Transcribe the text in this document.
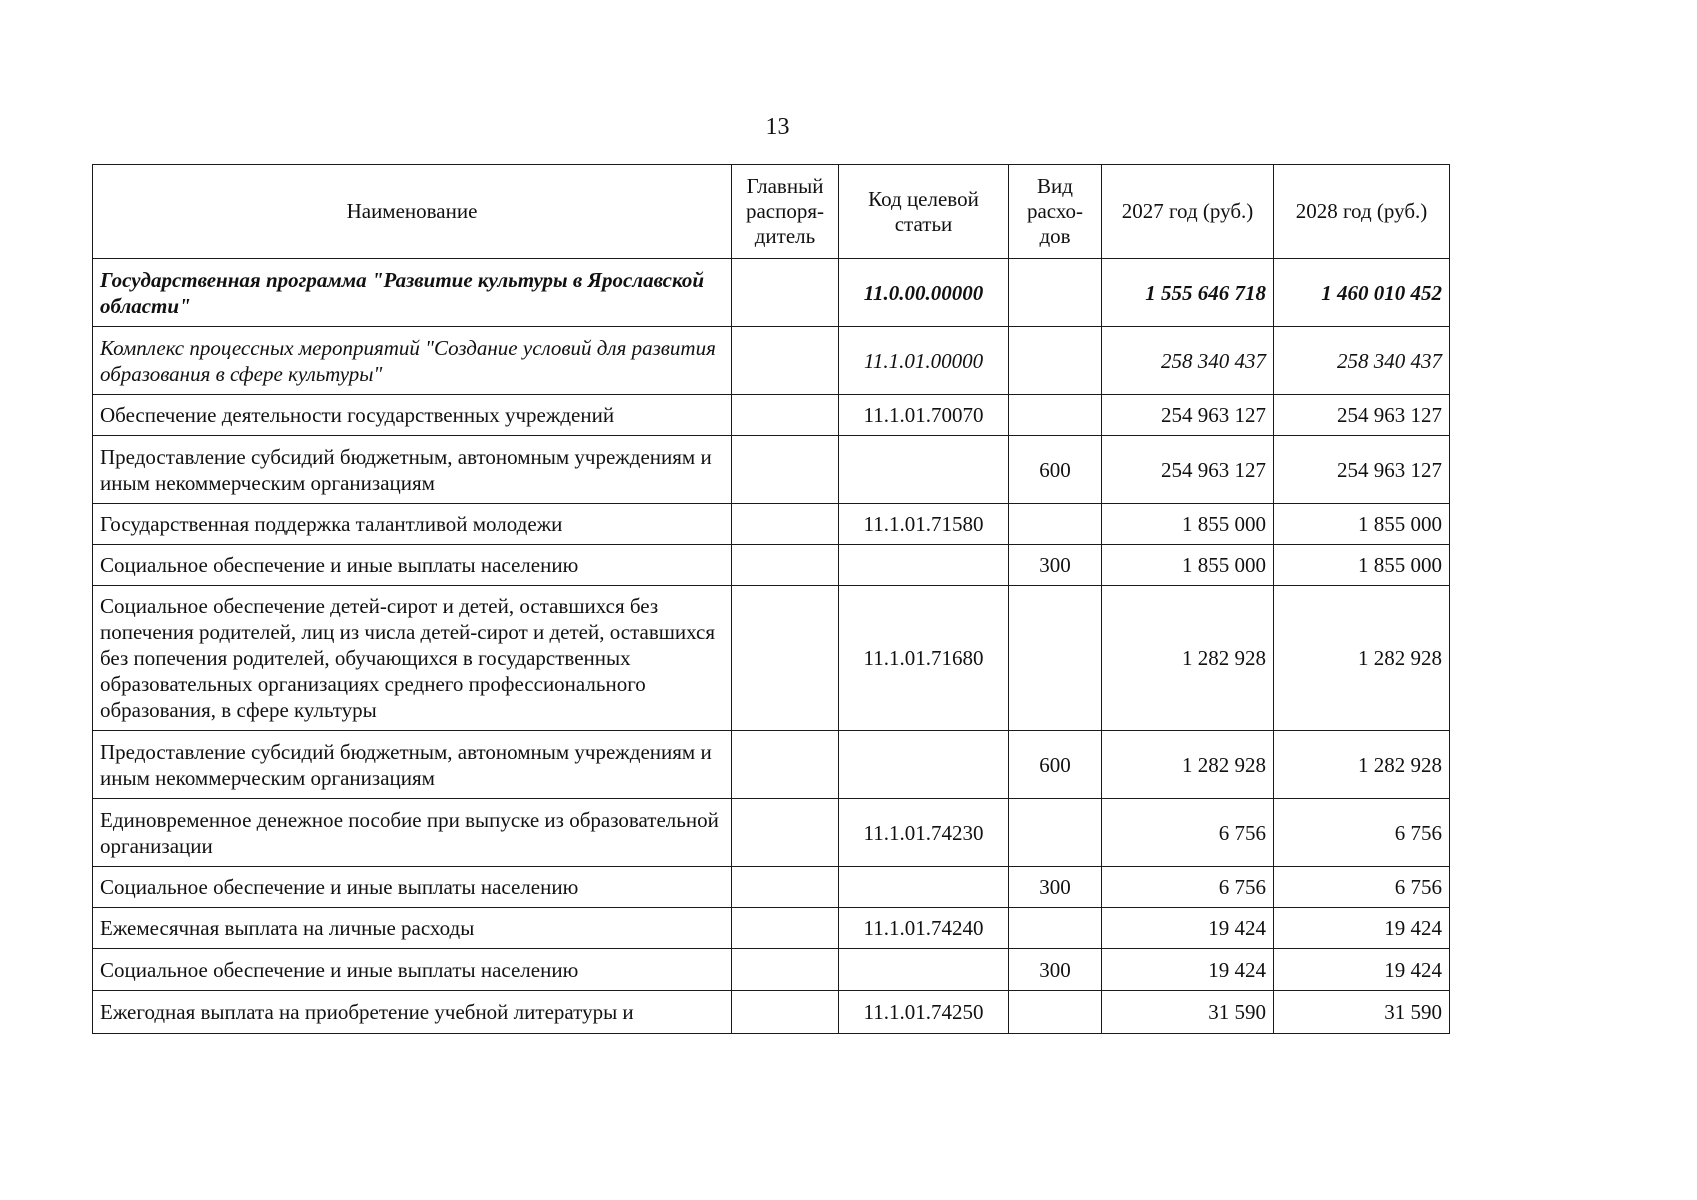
13
Наименование	Главный распоря-дитель	Код целевой статьи	Вид расхо-дов	2027 год (руб.)	2028 год (руб.)
Государственная программа "Развитие культуры в Ярославской области"		11.0.00.00000		1 555 646 718	1 460 010 452
Комплекс процессных мероприятий "Создание условий для развития образования в сфере культуры"		11.1.01.00000		258 340 437	258 340 437
Обеспечение деятельности государственных учреждений		11.1.01.70070		254 963 127	254 963 127
Предоставление субсидий бюджетным, автономным учреждениям и иным некоммерческим организациям			600	254 963 127	254 963 127
Государственная поддержка талантливой молодежи		11.1.01.71580		1 855 000	1 855 000
Социальное обеспечение и иные выплаты населению			300	1 855 000	1 855 000
Социальное обеспечение детей-сирот и детей, оставшихся без попечения родителей, лиц из числа детей-сирот и детей, оставшихся без попечения родителей, обучающихся в государственных образовательных организациях среднего профессионального образования, в сфере культуры		11.1.01.71680		1 282 928	1 282 928
Предоставление субсидий бюджетным, автономным учреждениям и иным некоммерческим организациям			600	1 282 928	1 282 928
Единовременное денежное пособие при выпуске из образовательной организации		11.1.01.74230		6 756	6 756
Социальное обеспечение и иные выплаты населению			300	6 756	6 756
Ежемесячная выплата на личные расходы		11.1.01.74240		19 424	19 424
Социальное обеспечение и иные выплаты населению			300	19 424	19 424
Ежегодная выплата на приобретение учебной литературы и		11.1.01.74250		31 590	31 590
